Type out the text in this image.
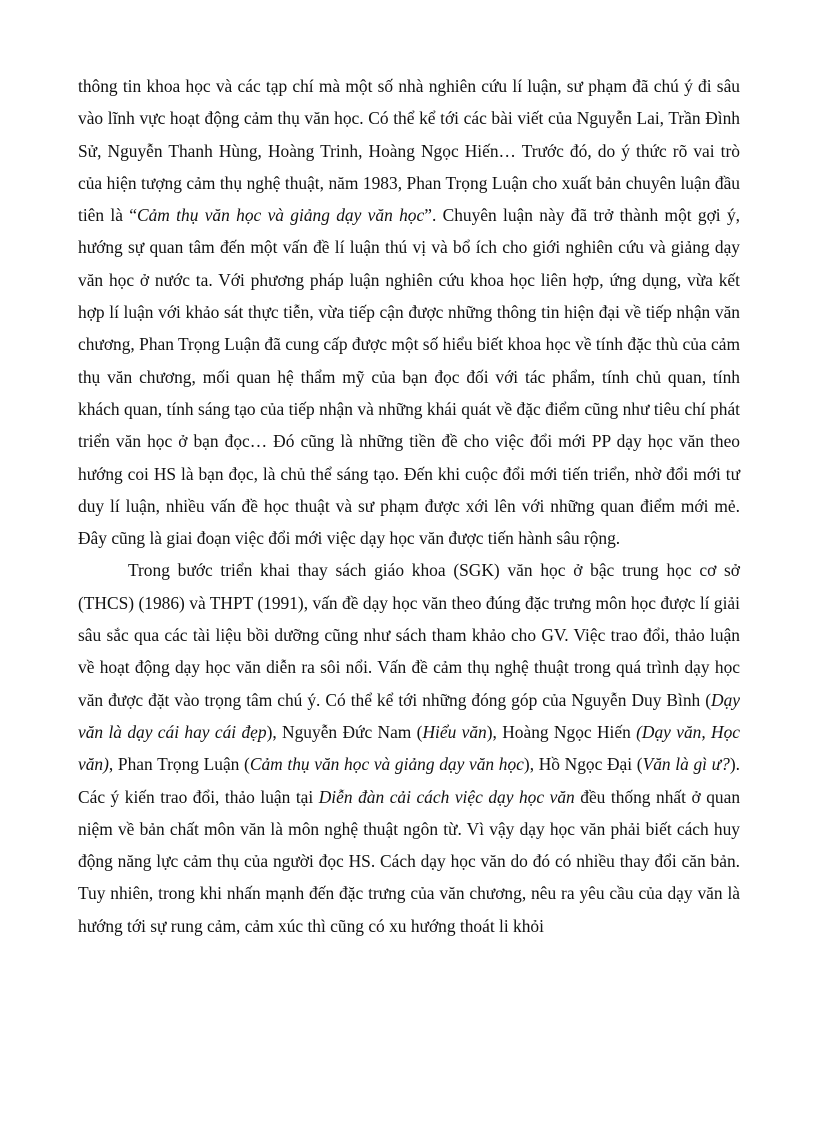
thông tin khoa học và các tạp chí mà một số nhà nghiên cứu lí luận, sư phạm đã chú ý đi sâu vào lĩnh vực hoạt động cảm thụ văn học. Có thể kể tới các bài viết của Nguyễn Lai, Trần Đình Sử, Nguyễn Thanh Hùng, Hoàng Trinh, Hoàng Ngọc Hiến… Trước đó, do ý thức rõ vai trò của hiện tượng cảm thụ nghệ thuật, năm 1983, Phan Trọng Luận cho xuất bản chuyên luận đầu tiên là “Cảm thụ văn học và giảng dạy văn học”. Chuyên luận này đã trở thành một gợi ý, hướng sự quan tâm đến một vấn đề lí luận thú vị và bổ ích cho giới nghiên cứu và giảng dạy văn học ở nước ta. Với phương pháp luận nghiên cứu khoa học liên hợp, ứng dụng, vừa kết hợp lí luận với khảo sát thực tiễn, vừa tiếp cận được những thông tin hiện đại về tiếp nhận văn chương, Phan Trọng Luận đã cung cấp được một số hiểu biết khoa học về tính đặc thù của cảm thụ văn chương, mối quan hệ thẩm mỹ của bạn đọc đối với tác phẩm, tính chủ quan, tính khách quan, tính sáng tạo của tiếp nhận và những khái quát về đặc điểm cũng như tiêu chí phát triển văn học ở bạn đọc… Đó cũng là những tiền đề cho việc đổi mới PP dạy học văn theo hướng coi HS là bạn đọc, là chủ thể sáng tạo. Đến khi cuộc đổi mới tiến triển, nhờ đổi mới tư duy lí luận, nhiều vấn đề học thuật và sư phạm được xới lên với những quan điểm mới mẻ. Đây cũng là giai đoạn việc đổi mới việc dạy học văn được tiến hành sâu rộng.

Trong bước triển khai thay sách giáo khoa (SGK) văn học ở bậc trung học cơ sở (THCS) (1986) và THPT (1991), vấn đề dạy học văn theo đúng đặc trưng môn học được lí giải sâu sắc qua các tài liệu bồi dưỡng cũng như sách tham khảo cho GV. Việc trao đổi, thảo luận về hoạt động dạy học văn diễn ra sôi nổi. Vấn đề cảm thụ nghệ thuật trong quá trình dạy học văn được đặt vào trọng tâm chú ý. Có thể kể tới những đóng góp của Nguyễn Duy Bình (Dạy văn là dạy cái hay cái đẹp), Nguyễn Đức Nam (Hiểu văn), Hoàng Ngọc Hiến (Dạy văn, Học văn), Phan Trọng Luận (Cảm thụ văn học và giảng dạy văn học), Hồ Ngọc Đại (Văn là gì ư?). Các ý kiến trao đổi, thảo luận tại Diễn đàn cải cách việc dạy học văn đều thống nhất ở quan niệm về bản chất môn văn là môn nghệ thuật ngôn từ. Vì vậy dạy học văn phải biết cách huy động năng lực cảm thụ của người đọc HS. Cách dạy học văn do đó có nhiều thay đổi căn bản. Tuy nhiên, trong khi nhấn mạnh đến đặc trưng của văn chương, nêu ra yêu cầu của dạy văn là hướng tới sự rung cảm, cảm xúc thì cũng có xu hướng thoát li khỏi
